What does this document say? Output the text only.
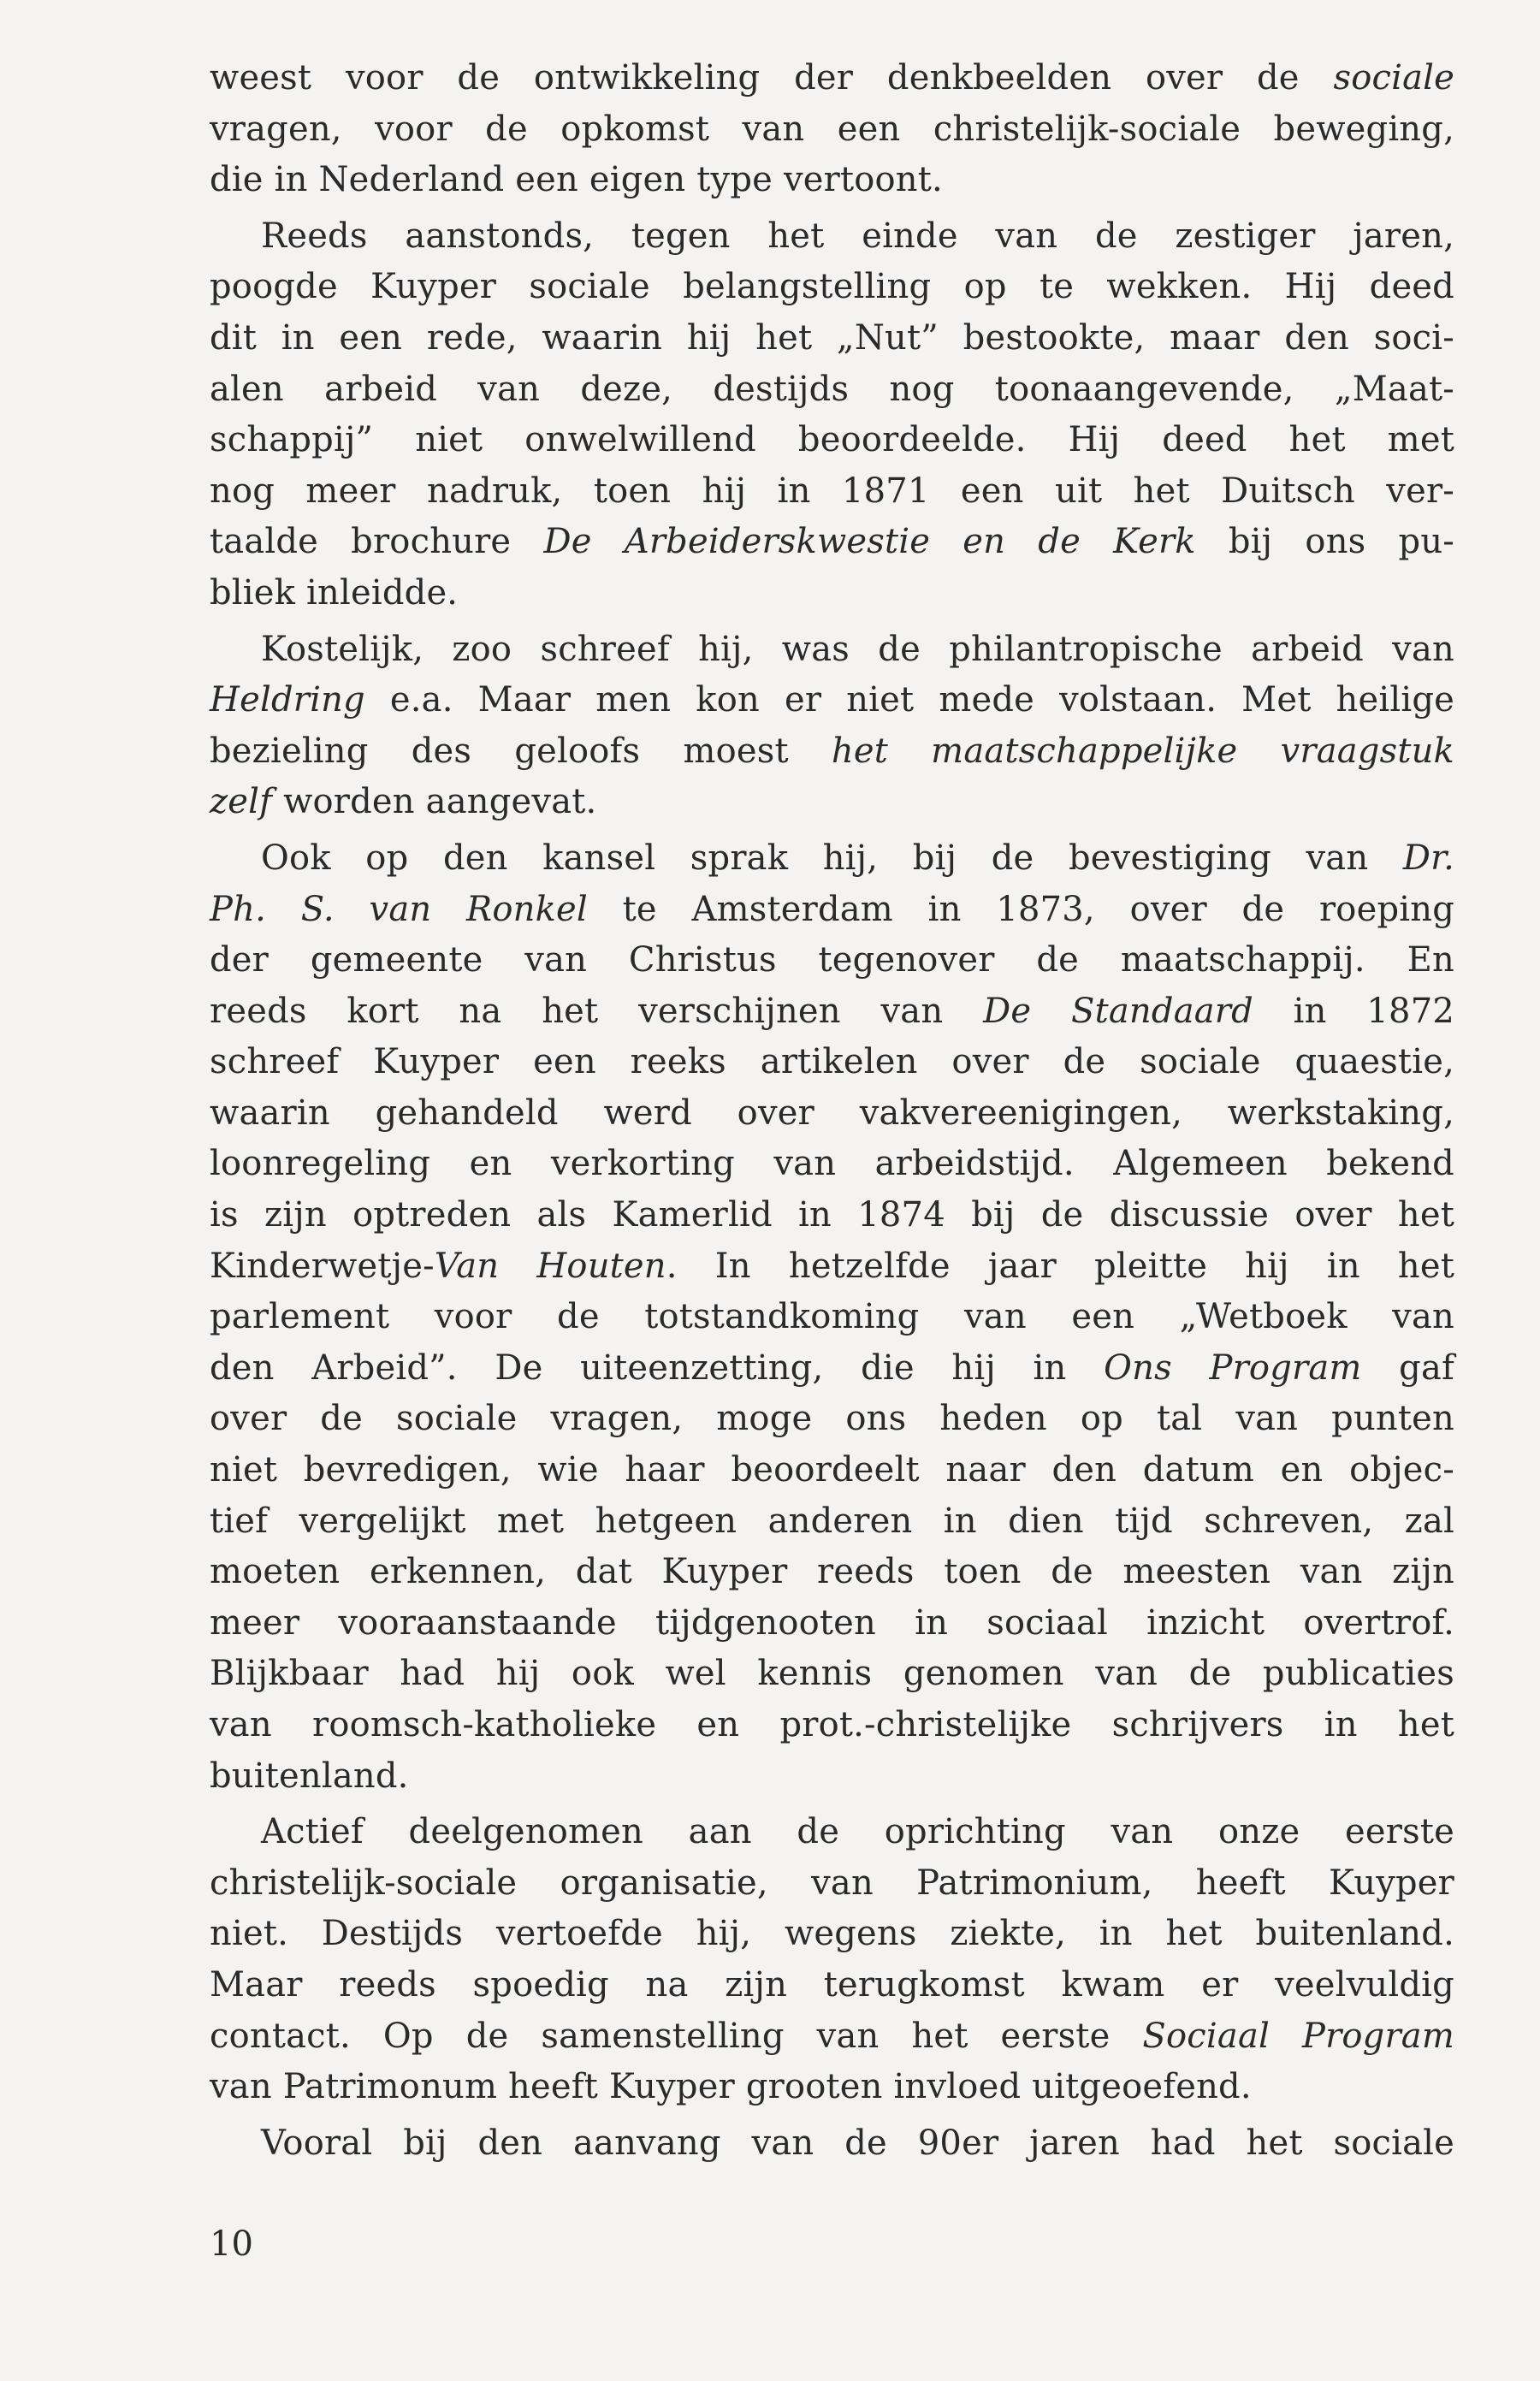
weest voor de ontwikkeling der denkbeelden over de sociale
vragen, voor de opkomst van een christelijk-sociale beweging,
die in Nederland een eigen type vertoont.
Reeds aanstonds, tegen het einde van de zestiger jaren,
poogde Kuyper sociale belangstelling op te wekken. Hij deed
dit in een rede, waarin hij het „Nut” bestookte, maar den soci-
alen arbeid van deze, destijds nog toonaangevende, „Maat-
schappij” niet onwelwillend beoordeelde. Hij deed het met
nog meer nadruk, toen hij in 1871 een uit het Duitsch ver-
taalde brochure De Arbeiderskwestie en de Kerk bij ons pu-
bliek inleidde.
Kostelijk, zoo schreef hij, was de philantropische arbeid van
Heldring e.a. Maar men kon er niet mede volstaan. Met heilige
bezieling des geloofs moest het maatschappelijke vraagstuk
zelf worden aangevat.
Ook op den kansel sprak hij, bij de bevestiging van Dr.
Ph. S. van Ronkel te Amsterdam in 1873, over de roeping
der gemeente van Christus tegenover de maatschappij. En
reeds kort na het verschijnen van De Standaard in 1872
schreef Kuyper een reeks artikelen over de sociale quaestie,
waarin gehandeld werd over vakvereenigingen, werkstaking,
loonregeling en verkorting van arbeidstijd. Algemeen bekend
is zijn optreden als Kamerlid in 1874 bij de discussie over het
Kinderwetje-Van Houten. In hetzelfde jaar pleitte hij in het
parlement voor de totstandkoming van een „Wetboek van
den Arbeid”. De uiteenzetting, die hij in Ons Program gaf
over de sociale vragen, moge ons heden op tal van punten
niet bevredigen, wie haar beoordeelt naar den datum en objec-
tief vergelijkt met hetgeen anderen in dien tijd schreven, zal
moeten erkennen, dat Kuyper reeds toen de meesten van zijn
meer vooraanstaande tijdgenooten in sociaal inzicht overtrof.
Blijkbaar had hij ook wel kennis genomen van de publicaties
van roomsch-katholieke en prot.-christelijke schrijvers in het
buitenland.
Actief deelgenomen aan de oprichting van onze eerste
christelijk-sociale organisatie, van Patrimonium, heeft Kuyper
niet. Destijds vertoefde hij, wegens ziekte, in het buitenland.
Maar reeds spoedig na zijn terugkomst kwam er veelvuldig
contact. Op de samenstelling van het eerste Sociaal Program
van Patrimonum heeft Kuyper grooten invloed uitgeoefend.
Vooral bij den aanvang van de 90er jaren had het sociale
10
